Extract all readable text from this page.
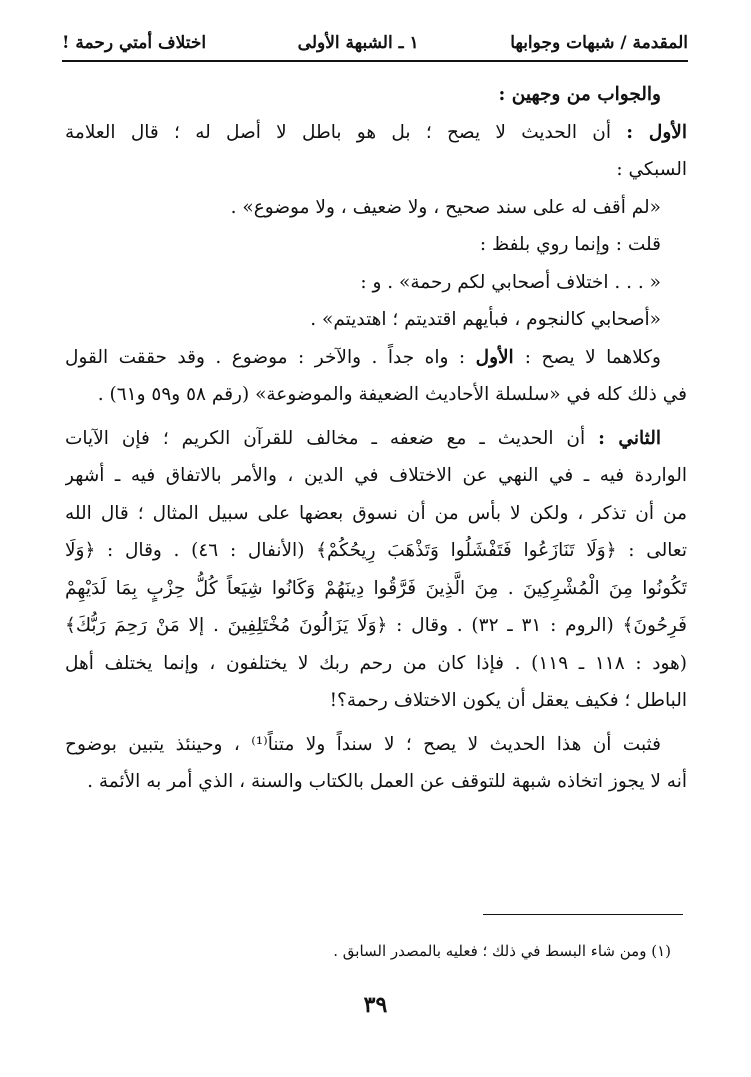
المقدمة / شبهات وجوابها
١ ـ الشبهة الأولى
اختلاف أمتي رحمة !

والجواب من وجهين :

الأول : أن الحديث لا يصح ؛ بل هو باطل لا أصل له ؛ قال العلامة

السبكي :

«لم أقف له على سند صحيح ، ولا ضعيف ، ولا موضوع» .

قلت : وإنما روي بلفظ :

« . . . اختلاف أصحابي لكم رحمة» . و :

«أصحابي كالنجوم ، فبأيهم اقتديتم ؛ اهتديتم» .

وكلاهما لا يصح : الأول : واه جداً . والآخر : موضوع . وقد حققت القول

في ذلك كله في «سلسلة الأحاديث الضعيفة والموضوعة» (رقم ٥٨ و٥٩ و٦١) .

الثاني : أن الحديث ـ مع ضعفه ـ مخالف للقرآن الكريم ؛ فإن الآيات

الواردة فيه ـ في النهي عن الاختلاف في الدين ، والأمر بالاتفاق فيه ـ أشهر

من أن تذكر ، ولكن لا بأس من أن نسوق بعضها على سبيل المثال ؛ قال الله

تعالى : ﴿وَلَا تَنَازَعُوا فَتَفْشَلُوا وَتَذْهَبَ رِيحُكُمْ﴾ (الأنفال : ٤٦) . وقال : ﴿وَلَا

تَكُونُوا مِنَ الْمُشْرِكِينَ . مِنَ الَّذِينَ فَرَّقُوا دِينَهُمْ وَكَانُوا شِيَعاً كُلُّ حِزْبٍ بِمَا لَدَيْهِمْ

فَرِحُونَ﴾ (الروم : ٣١ ـ ٣٢) . وقال : ﴿وَلَا يَزَالُونَ مُخْتَلِفِينَ . إلا مَنْ رَحِمَ رَبُّكَ﴾

(هود : ١١٨ ـ ١١٩) . فإذا كان من رحم ربك لا يختلفون ، وإنما يختلف أهل

الباطل ؛ فكيف يعقل أن يكون الاختلاف رحمة؟!

فثبت أن هذا الحديث لا يصح ؛ لا سنداً ولا متناً⁽¹⁾ ، وحينئذ يتبين بوضوح

أنه لا يجوز اتخاذه شبهة للتوقف عن العمل بالكتاب والسنة ، الذي أمر به الأئمة .

(١) ومن شاء البسط في ذلك ؛ فعليه بالمصدر السابق .
٣٩
